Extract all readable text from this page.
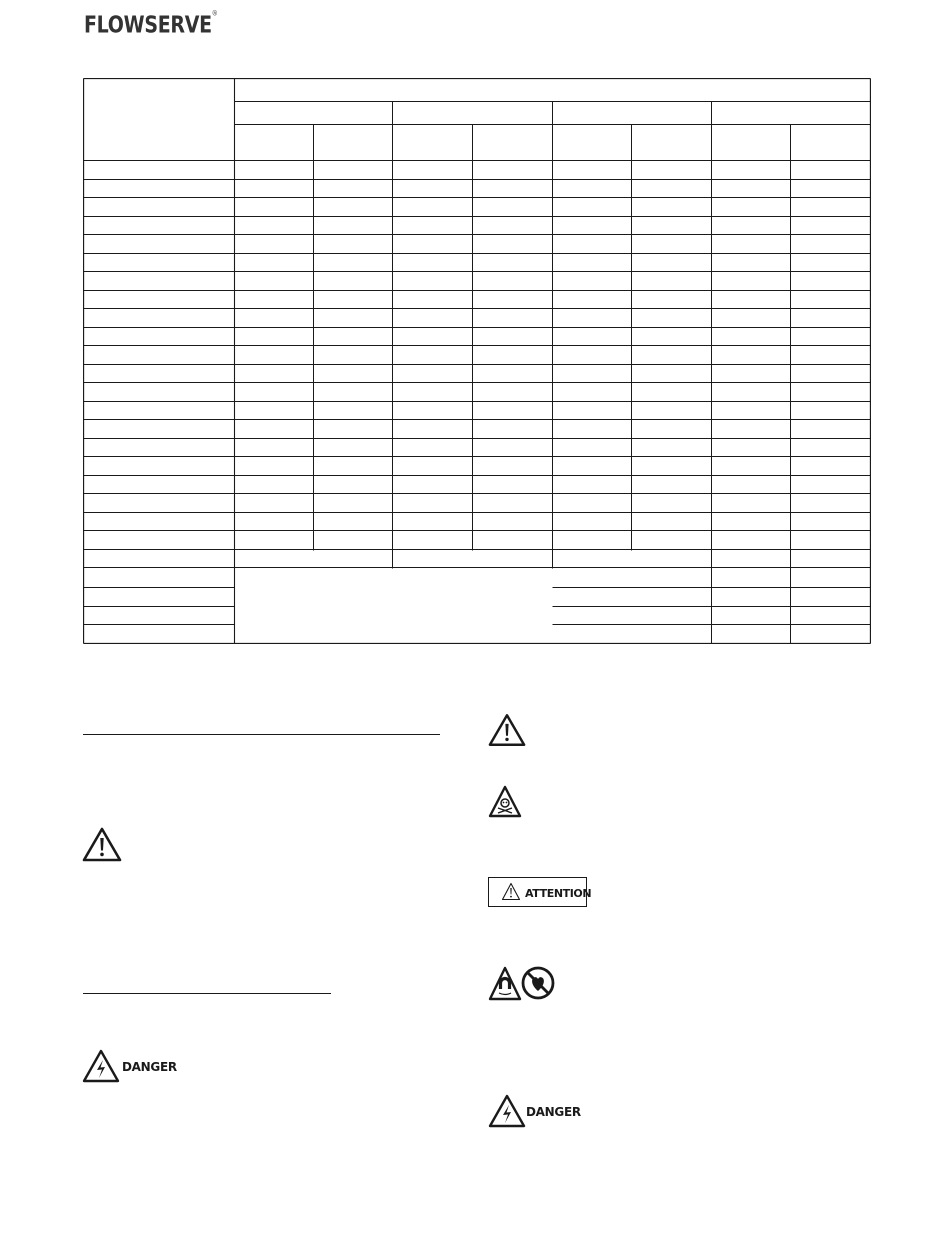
FLOWSERVE®
DANGER
ATTENTION
DANGER
